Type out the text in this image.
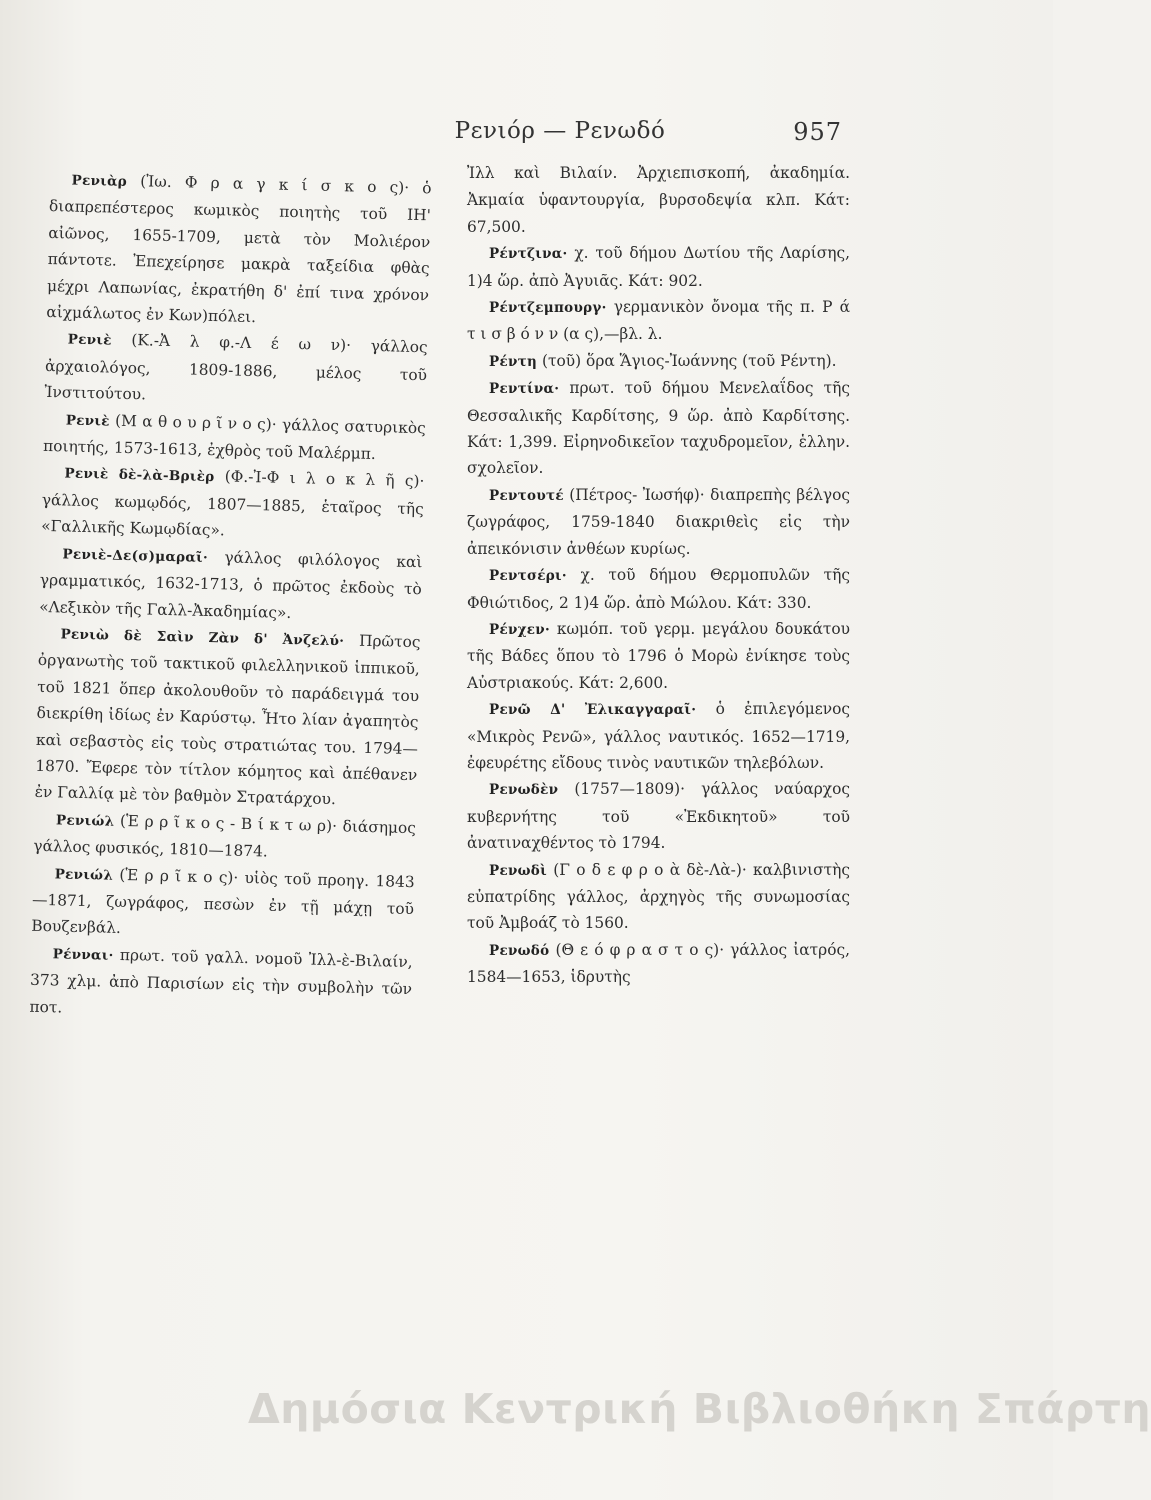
Ρενιόρ — Ρενωδό	957

Ρενιὰρ (Ἰω. Φ ρ α γ κ ί σ κ ο ς)· ὁ διαπρεπέστερος κωμικὸς ποιητὴς τοῦ ΙΗ' αἰῶνος, 1655-1709, μετὰ τὸν Μολιέρον πάντοτε. Ἐπεχείρησε μακρὰ ταξείδια φθὰς μέχρι Λαπωνίας, ἐκρατήθη δ' ἐπί τινα χρόνον αἰχμάλωτος ἐν Κων)πόλει.

Ρενιὲ (Κ.-Ἀ λ φ.-Λ έ ω ν)· γάλλος ἀρχαιολόγος, 1809-1886, μέλος τοῦ Ἰνστιτούτου.

Ρενιὲ (Μ α θ ο υ ρ ῖ ν ο ς)· γάλλος σατυρικὸς ποιητής, 1573-1613, ἐχθρὸς τοῦ Μαλέρμπ.

Ρενιὲ δὲ-λὰ-Βριὲρ (Φ.-Ἰ-Φ ι λ ο κ λ ῆ ς)· γάλλος κωμῳδός, 1807—1885, ἑταῖρος τῆς «Γαλλικῆς Κωμῳδίας».

Ρενιὲ-Δε(σ)μαραῖ· γάλλος φιλόλογος καὶ γραμματικός, 1632-1713, ὁ πρῶτος ἐκδοὺς τὸ «Λεξικὸν τῆς Γαλλ-Ἀκαδημίας».

Ρενιὼ δὲ Σαὶν Ζὰν δ' Ἀνζελύ· Πρῶτος ὀργανωτὴς τοῦ τακτικοῦ φιλελληνικοῦ ἱππικοῦ, τοῦ 1821 ὅπερ ἀκολουθοῦν τὸ παράδειγμά του διεκρίθη ἰδίως ἐν Καρύστῳ. Ἦτο λίαν ἀγαπητὸς καὶ σεβαστὸς εἰς τοὺς στρατιώτας του. 1794—1870. Ἔφερε τὸν τίτλον κόμητος καὶ ἀπέθανεν ἐν Γαλλίᾳ μὲ τὸν βαθμὸν Στρατάρχου.

Ρενιώλ (Ἑ ρ ρ ῖ κ ο ς - Β ί κ τ ω ρ)· διάσημος γάλλος φυσικός, 1810—1874.

Ρενιώλ (Ἑ ρ ρ ῖ κ ο ς)· υἱὸς τοῦ προηγ. 1843—1871, ζωγράφος, πεσὼν ἐν τῇ μάχῃ τοῦ Βουζενβάλ.

Ρένναι· πρωτ. τοῦ γαλλ. νομοῦ Ἰλλ-ὲ-Βιλαίν, 373 χλμ. ἀπὸ Παρισίων εἰς τὴν συμβολὴν τῶν ποτ.

Ἰλλ καὶ Βιλαίν. Ἀρχιεπισκοπή, ἀκαδημία. Ἀκμαία ὑφαντουργία, βυρσοδεψία κλπ. Κάτ: 67,500.

Ρέντζινα· χ. τοῦ δήμου Δωτίου τῆς Λαρίσης, 1)4 ὥρ. ἀπὸ Ἀγυιᾶς. Κάτ: 902.

Ρέντζεμπουργ· γερμανικὸν ὄνομα τῆς π. Ρ ά τ ι σ β ό ν ν (α ς),—βλ. λ.

Ρέντη (τοῦ) ὅρα Ἅγιος-Ἰωάννης (τοῦ Ρέντη).

Ρεντίνα· πρωτ. τοῦ δήμου Μενελαΐδος τῆς Θεσσαλικῆς Καρδίτσης, 9 ὥρ. ἀπὸ Καρδίτσης. Κάτ: 1,399. Εἰρηνοδικεῖον ταχυδρομεῖον, ἑλλην. σχολεῖον.

Ρεντουτέ (Πέτρος- Ἰωσήφ)· διαπρεπὴς βέλγος ζωγράφος, 1759-1840 διακριθεὶς εἰς τὴν ἀπεικόνισιν ἀνθέων κυρίως.

Ρεντσέρι· χ. τοῦ δήμου Θερμοπυλῶν τῆς Φθιώτιδος, 2 1)4 ὥρ. ἀπὸ Μώλου. Κάτ: 330.

Ρένχεν· κωμόπ. τοῦ γερμ. μεγάλου δουκάτου τῆς Βάδες ὅπου τὸ 1796 ὁ Μορὼ ἐνίκησε τοὺς Αὐστριακούς. Κάτ: 2,600.

Ρενῶ Δ' Ἐλικαγγαραῖ· ὁ ἐπιλεγόμενος «Μικρὸς Ρενῶ», γάλλος ναυτικός. 1652—1719, ἐφευρέτης εἴδους τινὸς ναυτικῶν τηλεβόλων.

Ρενωδὲν (1757—1809)· γάλλος ναύαρχος κυβερνήτης τοῦ «Ἐκδικητοῦ» τοῦ ἀνατιναχθέντος τὸ 1794.

Ρενωδὶ (Γ ο δ ε φ ρ ο ὰ δὲ-Λὰ-)· καλβινιστὴς εὐπατρίδης γάλλος, ἀρχηγὸς τῆς συνωμοσίας τοῦ Ἀμβοάζ τὸ 1560.

Ρενωδό (Θ ε ό φ ρ α σ τ ο ς)· γάλλος ἰατρός, 1584—1653, ἱδρυτὴς

Δημόσια Κεντρική Βιβλιοθήκη Σπάρτη
